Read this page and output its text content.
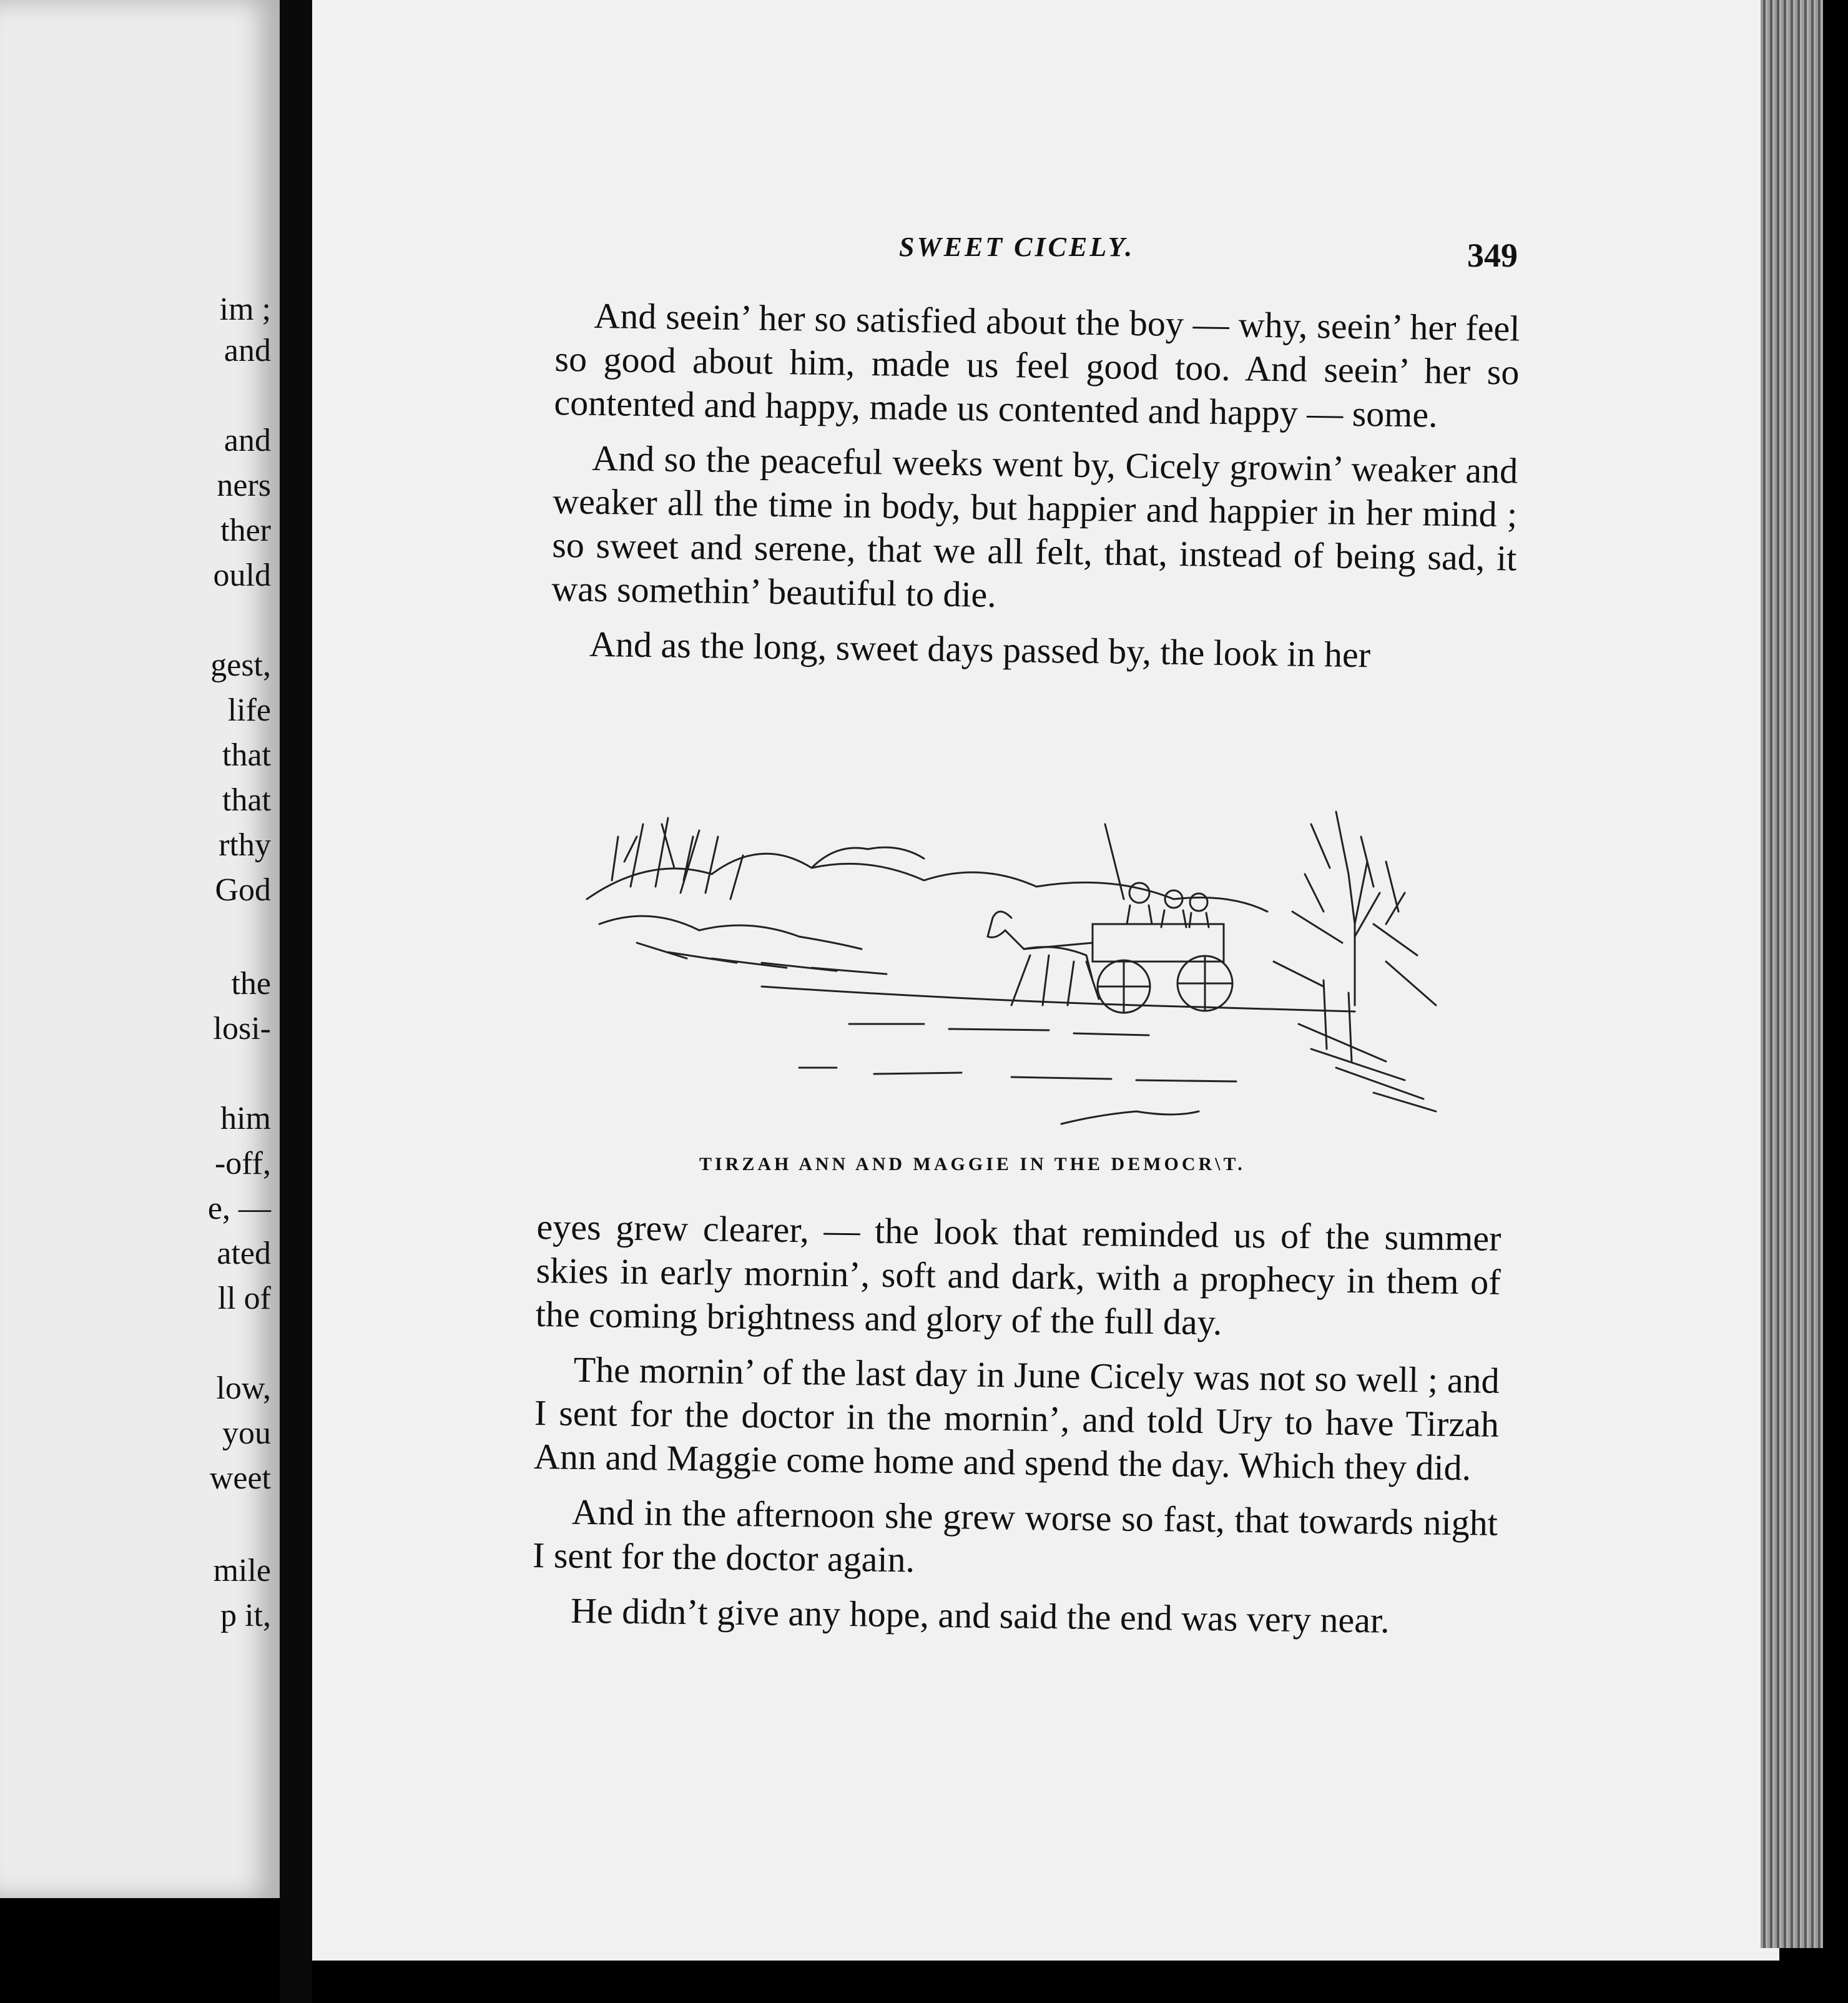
im ;

and

and

ners

ther

ould

gest,

life

that

that

rthy

God

the

losi-

him

-off,

e, —

ated

ll of

low,

you

weet

mile

p it,

SWEET CICELY.	349

And seein’ her so satisfied about the boy — why, seein’ her feel so good about him, made us feel good too. And seein’ her so contented and happy, made us contented and happy — some.

And so the peaceful weeks went by, Cicely growin’ weaker and weaker all the time in body, but happier and happier in her mind ; so sweet and serene, that we all felt, that, instead of being sad, it was somethin’ beautiful to die.

And as the long, sweet days passed by, the look in her

TIRZAH ANN AND MAGGIE IN THE DEMOCR\T.

eyes grew clearer, — the look that reminded us of the summer skies in early mornin’, soft and dark, with a prophecy in them of the coming brightness and glory of the full day.

The mornin’ of the last day in June Cicely was not so well ; and I sent for the doctor in the mornin’, and told Ury to have Tirzah Ann and Maggie come home and spend the day. Which they did.

And in the afternoon she grew worse so fast, that towards night I sent for the doctor again.

He didn’t give any hope, and said the end was very near.
